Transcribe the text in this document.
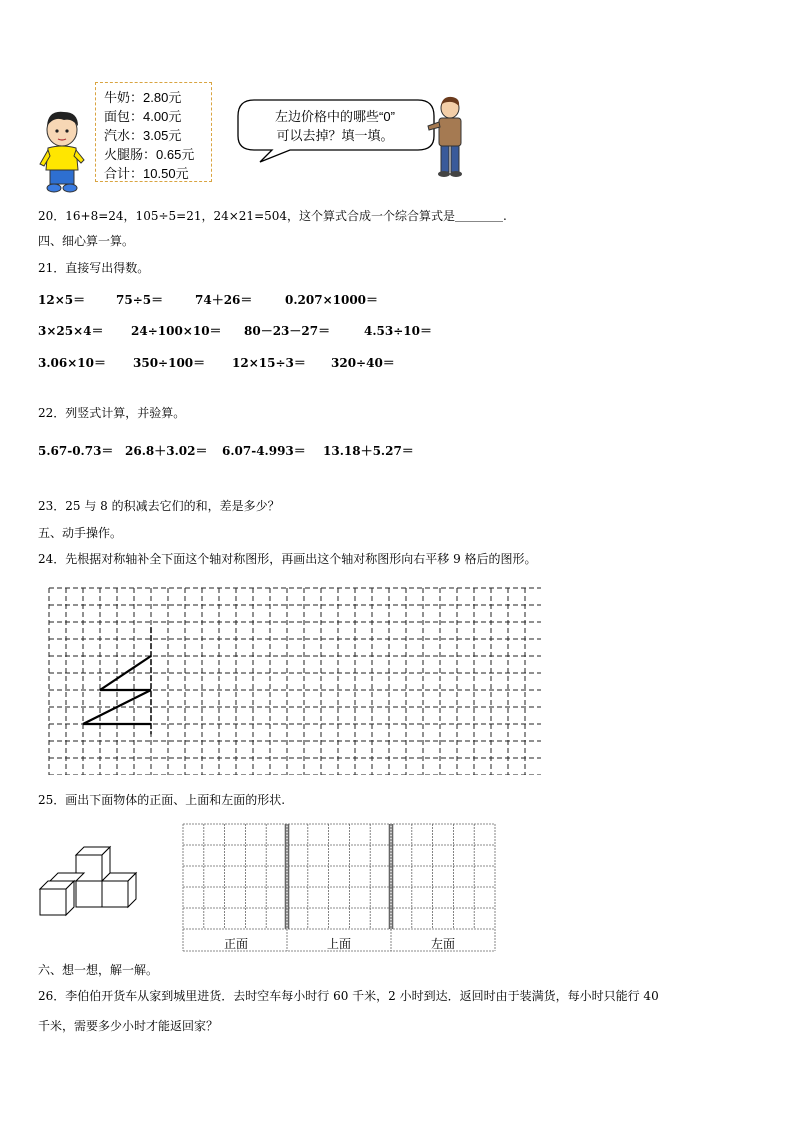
牛奶：2.80元
面包：4.00元
汽水：3.05元
火腿肠：0.65元
合计：10.50元
左边价格中的哪些“0”
可以去掉？填一填。
20．16+8=24，105÷5=21，24×21=504，这个算式合成一个综合算式是＿＿＿＿.
四、细心算一算。
21．直接写出得数。
12×5＝	75÷5＝	74＋26＝	0.207×1000＝
3×25×4＝ 24÷100×10＝ 80－23－27＝	4.53÷10＝
3.06×10＝ 350÷100＝ 12×15÷3＝ 320÷40＝
22．列竖式计算，并验算。
5.67-0.73＝ 26.8＋3.02＝ 6.07-4.993＝ 13.18＋5.27＝
23．25 与 8 的积减去它们的和，差是多少？
五、动手操作。
24．先根据对称轴补全下面这个轴对称图形，再画出这个轴对称图形向右平移 9 格后的图形。
25．画出下面物体的正面、上面和左面的形状.
正面	上面	左面
六、想一想，解一解。
26．李伯伯开货车从家到城里进货．去时空车每小时行 60 千米，2 小时到达．返回时由于装满货，每小时只能行 40
千米，需要多少小时才能返回家？
